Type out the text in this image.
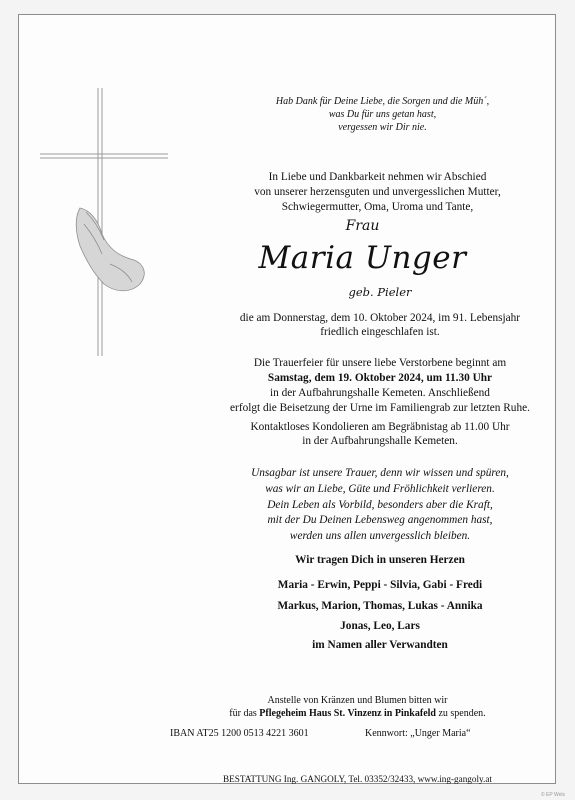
Hab Dank für Deine Liebe, die Sorgen und die Müh´,
was Du für uns getan hast,
vergessen wir Dir nie.
In Liebe und Dankbarkeit nehmen wir Abschied
von unserer herzensguten und unvergesslichen Mutter,
Schwiegermutter, Oma, Uroma und Tante,
Frau
Maria Unger
geb. Pieler
die am Donnerstag, dem 10. Oktober 2024, im 91. Lebensjahr
friedlich eingeschlafen ist.
Die Trauerfeier für unsere liebe Verstorbene beginnt am
Samstag, dem 19. Oktober 2024, um 11.30 Uhr
in der Aufbahrungshalle Kemeten. Anschließend
erfolgt die Beisetzung der Urne im Familiengrab zur letzten Ruhe.
Kontaktloses Kondolieren am Begräbnistag ab 11.00 Uhr
in der Aufbahrungshalle Kemeten.
Unsagbar ist unsere Trauer, denn wir wissen und spüren,
was wir an Liebe, Güte und Fröhlichkeit verlieren.
Dein Leben als Vorbild, besonders aber die Kraft,
mit der Du Deinen Lebensweg angenommen hast,
werden uns allen unvergesslich bleiben.
Wir tragen Dich in unseren Herzen
Maria - Erwin, Peppi - Silvia, Gabi - Fredi
Markus, Marion, Thomas, Lukas - Annika
Jonas, Leo, Lars
im Namen aller Verwandten
Anstelle von Kränzen und Blumen bitten wir
für das Pflegeheim Haus St. Vinzenz in Pinkafeld zu spenden.
IBAN AT25 1200 0513 4221 3601	Kennwort: „Unger Maria“
BESTATTUNG Ing. GANGOLY, Tel. 03352/32433, www.ing-gangoly.at
© EP Wels
